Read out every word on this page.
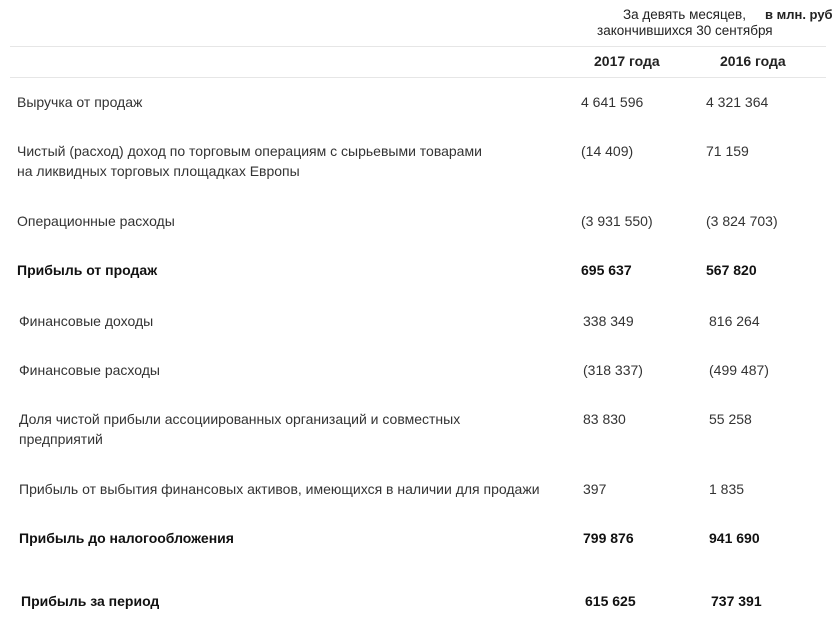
За девять месяцев,
закончившихся 30 сентября
в млн. руб
2017 года	2016 года
Выручка от продаж	4 641 596	4 321 364
Чистый (расход) доход по торговым операциям с сырьевыми товарами
на ликвидных торговых площадках Европы
(14 409)	71 159
Операционные расходы	(3 931 550)	(3 824 703)
Прибыль от продаж	695 637	567 820
Финансовые доходы	338 349	816 264
Финансовые расходы	(318 337)	(499 487)
Доля чистой прибыли ассоциированных организаций и совместных
предприятий
83 830	55 258
Прибыль от выбытия финансовых активов, имеющихся в наличии для продажи	397	1 835
Прибыль до налогообложения	799 876	941 690
Прибыль за период	615 625	737 391
